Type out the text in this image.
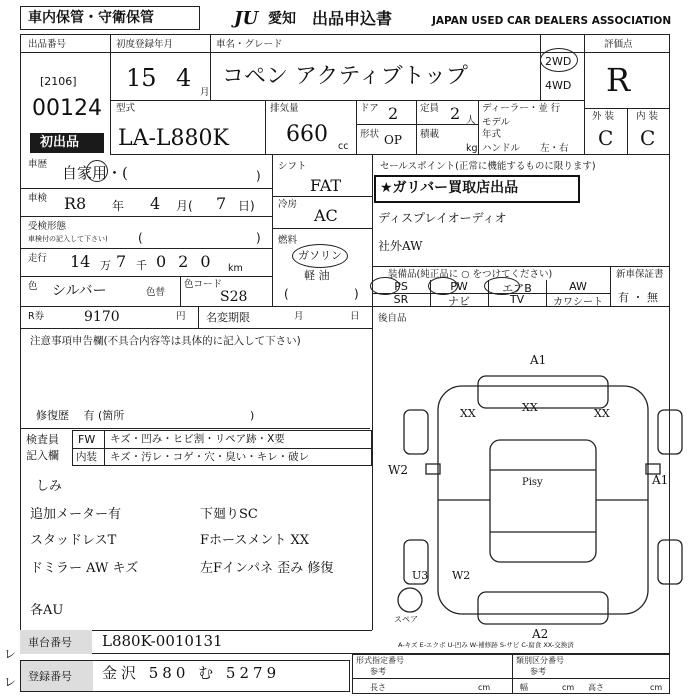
車内保管・守衛保管	JU 愛知 出品申込書	JAPAN USED CAR DEALERS ASSOCIATION
出品番号
[2106]
00124
初出品
初度登録年月
15 4
月
車名・グレード
コペン アクティブトップ
2WD
4WD
評価点
R
外 装 内 装
C C
型式
LA-L880K
排気量
660 cc
ドア 2 定員 2 人
形状 OP 積載
kg
ディーラー・並 行
モデル
年式
ハンドル 左・右
車歴 自家用・(	)
車検 R8 年 4 月( 7 日)
受検形態
車検付の記入して下さい)	(	)
走行 14 万 7 千 020 km
色 シルバー	色替
色コード
S28
シフト
FAT
冷房
AC
燃料
ガソリン
軽 油
(	)
セールスポイント(正常に機能するものに限ります)
★ガリバー買取店出品
ディスプレイオーディオ
社外AW
装備品(純正品に ○ をつけてください)	新車保証書
有 ・ 無
PS	PW	エアB	AW
SR	ナビ	TV	カワシート
R券	9170	円 名変期限	月	日 後自品
注意事項申告欄(不具合内容等は具体的に記入して下さい)
修復歴　 有 (箇所	)
検査員
記入欄
FW キズ・凹み・ヒビ割・リペア跡・X要
内装 キズ・汚レ・コゲ・穴・臭い・キレ・破レ
しみ
追加メーター有
スタッドレスT
ドミラー AW キズ
下廻りSC
Fホースメント XX
左Fインパネ 歪み 修復
各AU
A1
XX	XX	XX
W2
A1
Pisy
U3 W2
A2
スペア
A-キズ E-エクボ U-凹み W-補修跡 S-サビ C-腐食 XX-交換済
車台番号 L880K-0010131
登録番号 金沢 580 む 5279
レ
レ
形式指定番号
参考
類別区分番号
参考
長さ	cm	幅	cm 高さ	cm
